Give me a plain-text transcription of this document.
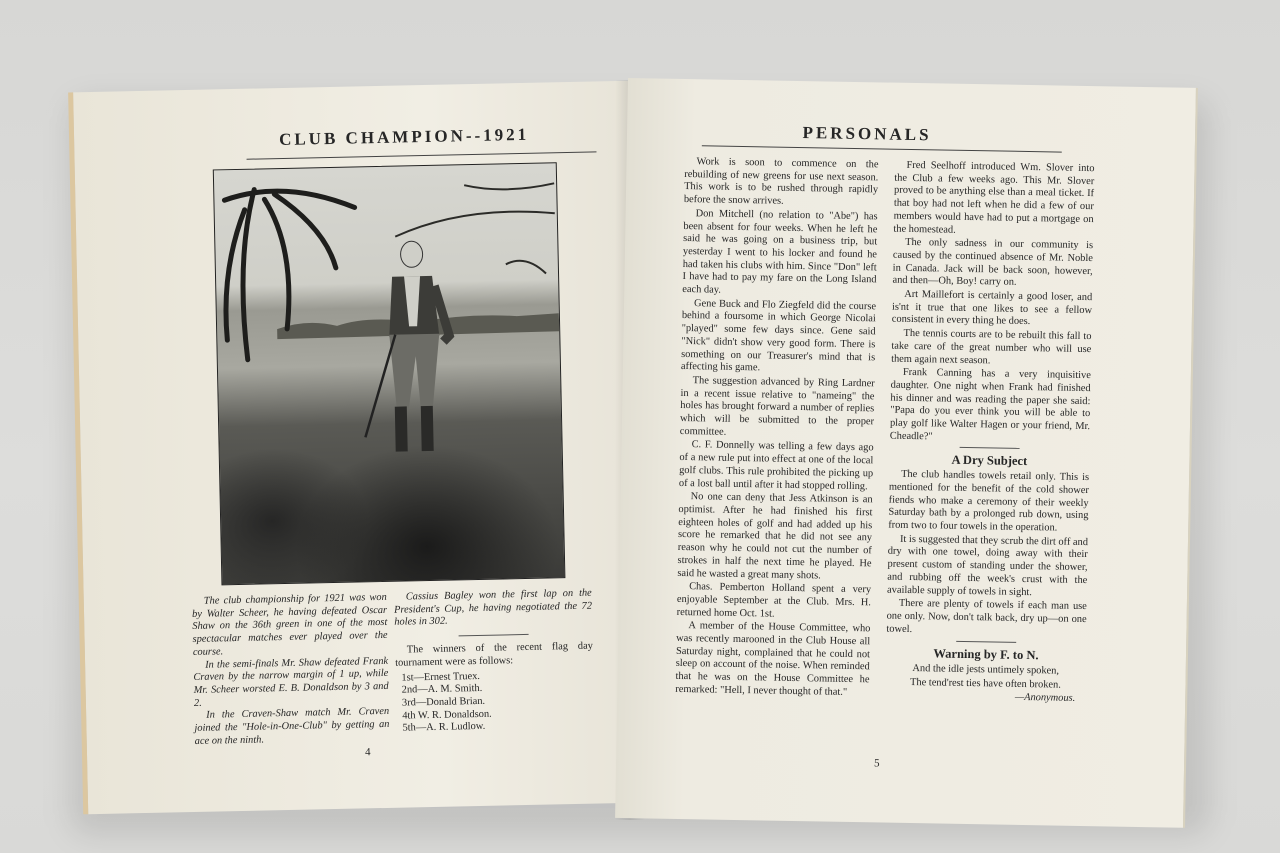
CLUB CHAMPION--1921

The club championship for 1921 was won by Walter Scheer, he having defeated Oscar Shaw on the 36th green in one of the most spectacular matches ever played over the course.

In the semi-finals Mr. Shaw defeated Frank Craven by the narrow margin of 1 up, while Mr. Scheer worsted E. B. Donaldson by 3 and 2.

In the Craven-Shaw match Mr. Craven joined the "Hole-in-One-Club" by getting an ace on the ninth.

Cassius Bagley won the first lap on the President's Cup, he having negotiated the 72 holes in 302.

The winners of the recent flag day tournament were as follows:

1st—Ernest Truex.
2nd—A. M. Smith.
3rd—Donald Brian.
4th W. R. Donaldson.
5th—A. R. Ludlow.
4
PERSONALS

Work is soon to commence on the rebuilding of new greens for use next season. This work is to be rushed through rapidly before the snow arrives.

Don Mitchell (no relation to "Abe") has been absent for four weeks. When he left he said he was going on a business trip, but yesterday I went to his locker and found he had taken his clubs with him. Since "Don" left I have had to pay my fare on the Long Island each day.

Gene Buck and Flo Ziegfeld did the course behind a foursome in which George Nicolai "played" some few days since. Gene said "Nick" didn't show very good form. There is something on our Treasurer's mind that is affecting his game.

The suggestion advanced by Ring Lardner in a recent issue relative to "nameing" the holes has brought forward a number of replies which will be submitted to the proper committee.

C. F. Donnelly was telling a few days ago of a new rule put into effect at one of the local golf clubs. This rule prohibited the picking up of a lost ball until after it had stopped rolling.

No one can deny that Jess Atkinson is an optimist. After he had finished his first eighteen holes of golf and had added up his score he remarked that he did not see any reason why he could not cut the number of strokes in half the next time he played. He said he wasted a great many shots.

Chas. Pemberton Holland spent a very enjoyable September at the Club. Mrs. H. returned home Oct. 1st.

A member of the House Committee, who was recently marooned in the Club House all Saturday night, complained that he could not sleep on account of the noise. When reminded that he was on the House Committee he remarked: "Hell, I never thought of that."

Fred Seelhoff introduced Wm. Slover into the Club a few weeks ago. This Mr. Slover proved to be anything else than a meal ticket. If that boy had not left when he did a few of our members would have had to put a mortgage on the homestead.

The only sadness in our community is caused by the continued absence of Mr. Noble in Canada. Jack will be back soon, however, and then—Oh, Boy! carry on.

Art Maillefort is certainly a good loser, and is'nt it true that one likes to see a fellow consistent in every thing he does.

The tennis courts are to be rebuilt this fall to take care of the great number who will use them again next season.

Frank Canning has a very inquisitive daughter. One night when Frank had finished his dinner and was reading the paper she said: "Papa do you ever think you will be able to play golf like Walter Hagen or your friend, Mr. Cheadle?"

A Dry Subject

The club handles towels retail only. This is mentioned for the benefit of the cold shower fiends who make a ceremony of their weekly Saturday bath by a prolonged rub down, using from two to four towels in the operation.

It is suggested that they scrub the dirt off and dry with one towel, doing away with their present custom of standing under the shower, and rubbing off the week's crust with the available supply of towels in sight.

There are plenty of towels if each man use one only. Now, don't talk back, dry up—on one towel.

Warning by F. to N.

And the idle jests untimely spoken,

The tend'rest ties have often broken.

—Anonymous.
5
